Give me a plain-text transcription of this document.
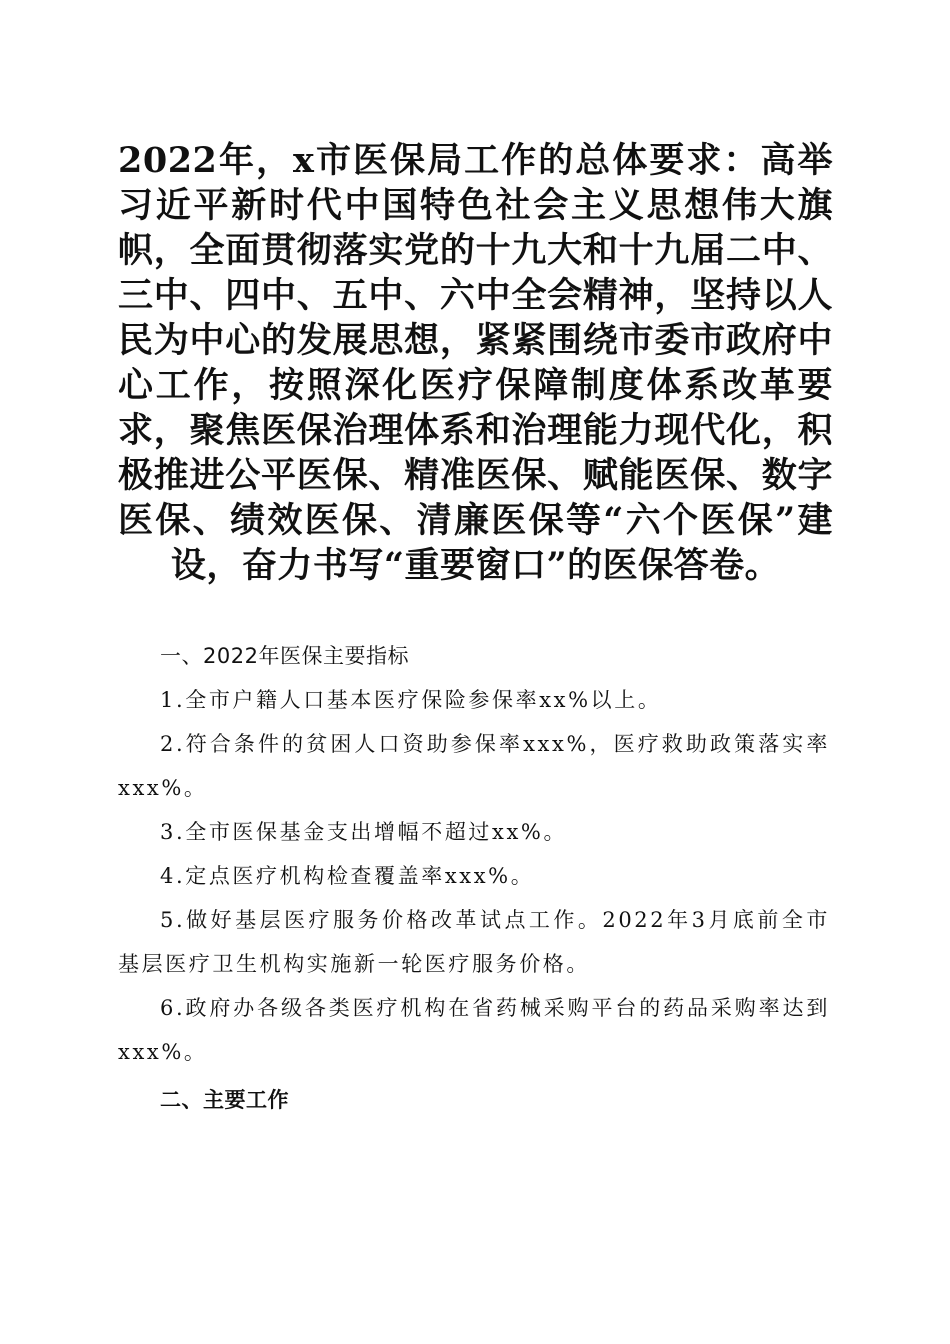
2022年，x市医保局工作的总体要求：高举习近平新时代中国特色社会主义思想伟大旗帜，全面贯彻落实党的十九大和十九届二中、三中、四中、五中、六中全会精神，坚持以人民为中心的发展思想，紧紧围绕市委市政府中心工作，按照深化医疗保障制度体系改革要求，聚焦医保治理体系和治理能力现代化，积极推进公平医保、精准医保、赋能医保、数字医保、绩效医保、清廉医保等“六个医保”建设，奋力书写“重要窗口”的医保答卷。

一、2022年医保主要指标

1.全市户籍人口基本医疗保险参保率xx%以上。

2.符合条件的贫困人口资助参保率xxx%，医疗救助政策落实率xxx%。

3.全市医保基金支出增幅不超过xx%。

4.定点医疗机构检查覆盖率xxx%。

5.做好基层医疗服务价格改革试点工作。2022年3月底前全市基层医疗卫生机构实施新一轮医疗服务价格。

6.政府办各级各类医疗机构在省药械采购平台的药品采购率达到xxx%。

二、主要工作
